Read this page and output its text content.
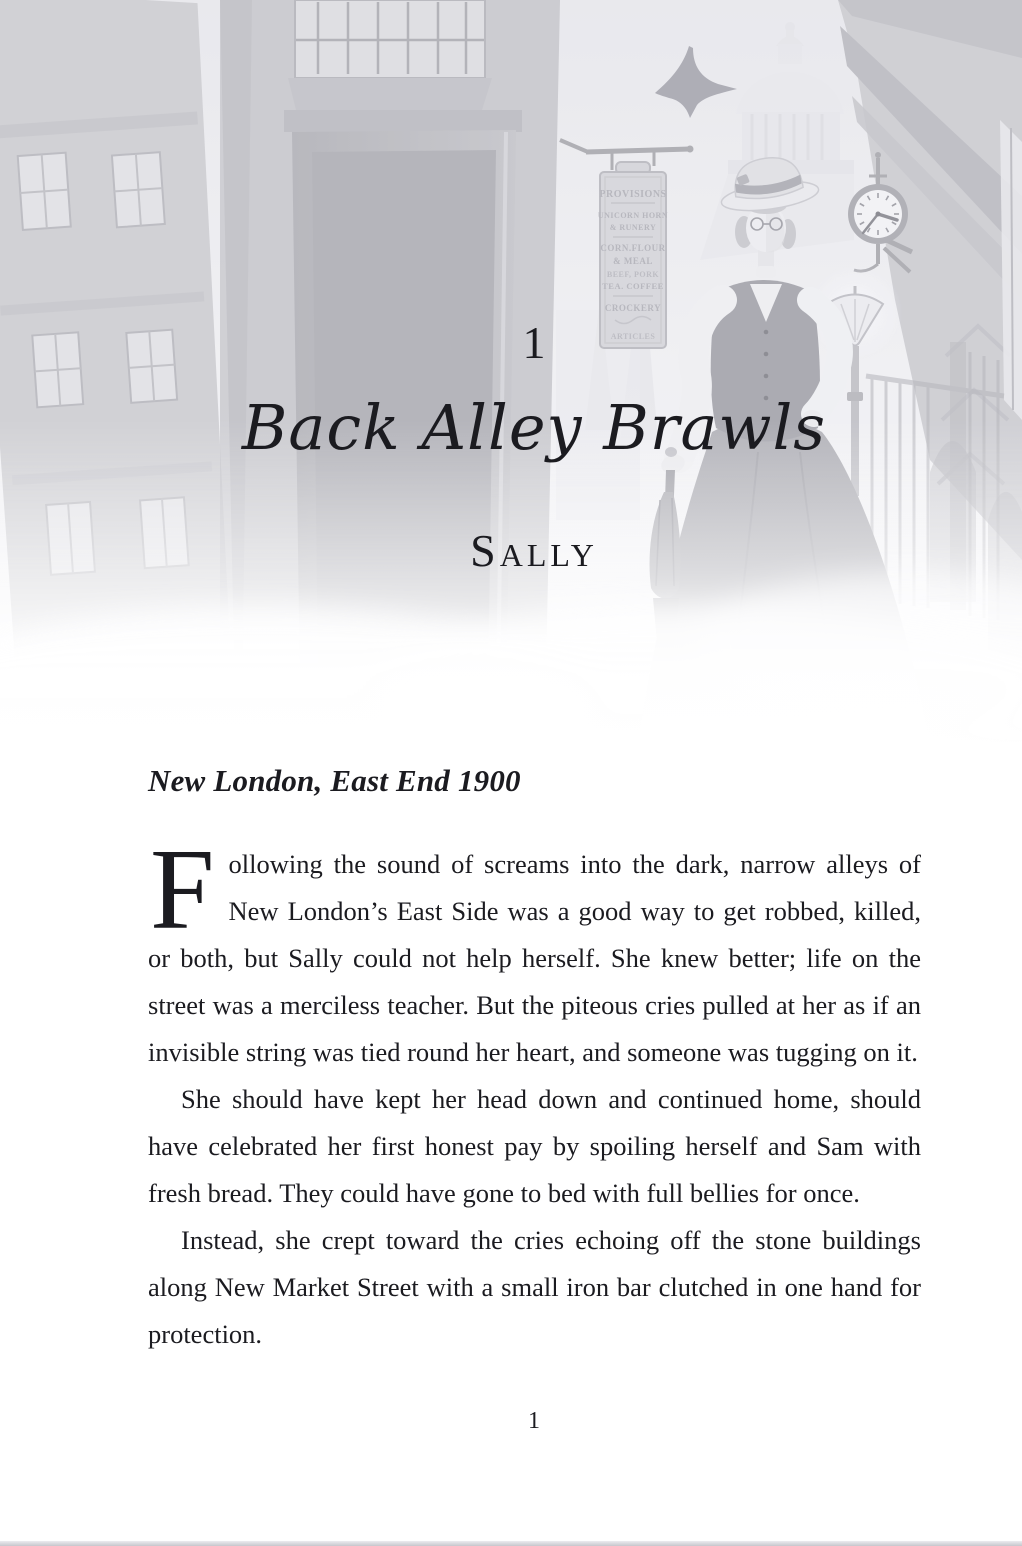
PROVISIONS
UNICORN HORN
& RUNERY
CORN.FLOUR
& MEAL
BEEF, PORK
TEA. COFFEE
CROCKERY
ARTICLES
1
Back Alley Brawls
Sally
New London, East End 1900

Following the sound of screams into the dark, narrow alleys of New London’s East Side was a good way to get robbed, killed, or both, but Sally could not help herself. She knew better; life on the street was a merciless teacher. But the piteous cries pulled at her as if an invisible string was tied round her heart, and someone was tugging on it.

She should have kept her head down and continued home, should have celebrated her first honest pay by spoiling herself and Sam with fresh bread. They could have gone to bed with full bellies for once.

Instead, she crept toward the cries echoing off the stone buildings along New Market Street with a small iron bar clutched in one hand for protection.

1
